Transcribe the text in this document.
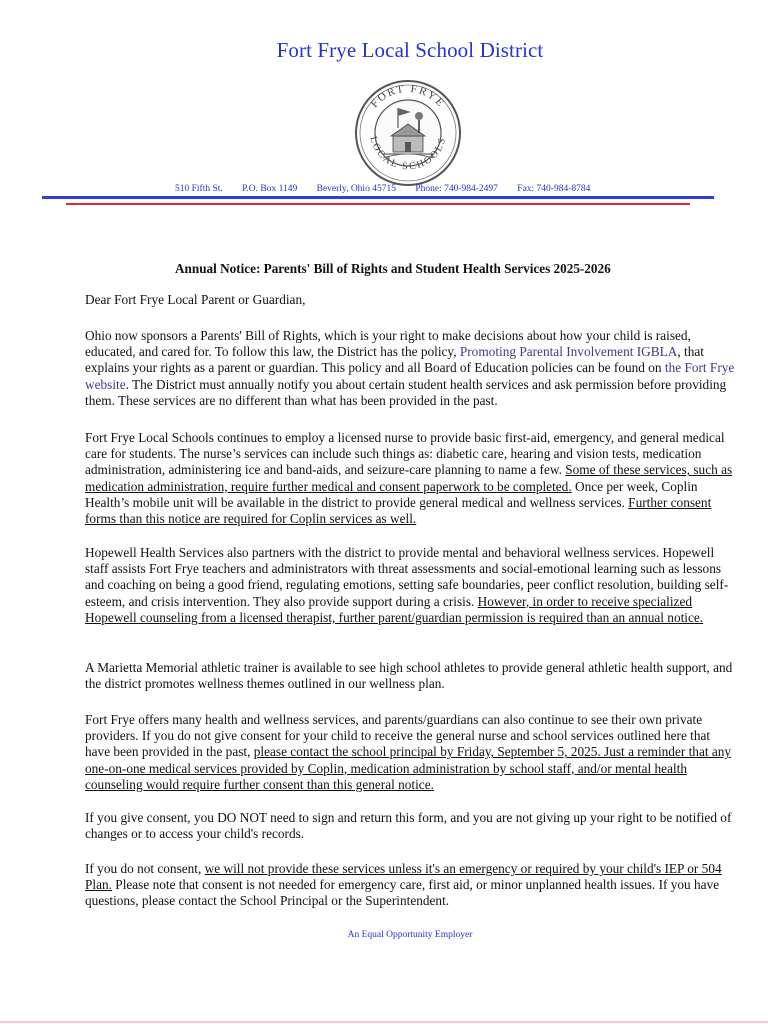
Fort Frye Local School District
FORT FRYE
LOCAL SCHOOLS
510 Fifth St. P.O. Box 1149 Beverly, Ohio 45715 Phone: 740-984-2497 Fax: 740-984-8784
Annual Notice: Parents' Bill of Rights and Student Health Services 2025-2026

Dear Fort Frye Local Parent or Guardian,

Ohio now sponsors a Parents' Bill of Rights, which is your right to make decisions about how your child is raised, educated, and cared for. To follow this law, the District has the policy, Promoting Parental Involvement IGBLA, that explains your rights as a parent or guardian. This policy and all Board of Education policies can be found on the Fort Frye website. The District must annually notify you about certain student health services and ask permission before providing them. These services are no different than what has been provided in the past.

Fort Frye Local Schools continues to employ a licensed nurse to provide basic first-aid, emergency, and general medical care for students. The nurse’s services can include such things as: diabetic care, hearing and vision tests, medication administration, administering ice and band-aids, and seizure-care planning to name a few. Some of these services, such as medication administration, require further medical and consent paperwork to be completed. Once per week, Coplin Health’s mobile unit will be available in the district to provide general medical and wellness services. Further consent forms than this notice are required for Coplin services as well.

Hopewell Health Services also partners with the district to provide mental and behavioral wellness services. Hopewell staff assists Fort Frye teachers and administrators with threat assessments and social-emotional learning such as lessons and coaching on being a good friend, regulating emotions, setting safe boundaries, peer conflict resolution, building self-esteem, and crisis intervention. They also provide support during a crisis. However, in order to receive specialized Hopewell counseling from a licensed therapist, further parent/guardian permission is required than an annual notice.

A Marietta Memorial athletic trainer is available to see high school athletes to provide general athletic health support, and the district promotes wellness themes outlined in our wellness plan.

Fort Frye offers many health and wellness services, and parents/guardians can also continue to see their own private providers. If you do not give consent for your child to receive the general nurse and school services outlined here that have been provided in the past, please contact the school principal by Friday, September 5, 2025. Just a reminder that any one-on-one medical services provided by Coplin, medication administration by school staff, and/or mental health counseling would require further consent than this general notice.

If you give consent, you DO NOT need to sign and return this form, and you are not giving up your right to be notified of changes or to access your child's records.

If you do not consent, we will not provide these services unless it's an emergency or required by your child's IEP or 504 Plan. Please note that consent is not needed for emergency care, first aid, or minor unplanned health issues. If you have questions, please contact the School Principal or the Superintendent.

An Equal Opportunity Employer
